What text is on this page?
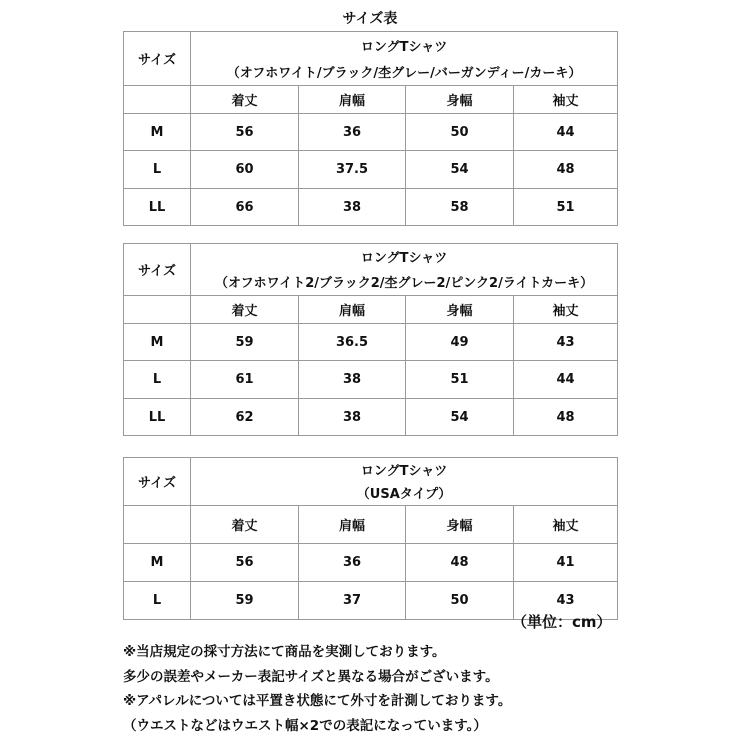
サイズ表
サイズ	ロングTシャツ			
	（オフホワイト/ブラック/杢グレー/バーガンディー/カーキ）			
	着丈	肩幅	身幅	袖丈
M	56	36	50	44
L	60	37.5	54	48
LL	66	38	58	51
サイズ	ロングTシャツ			
	（オフホワイト2/ブラック2/杢グレー2/ピンク2/ライトカーキ）			
	着丈	肩幅	身幅	袖丈
M	59	36.5	49	43
L	61	38	51	44
LL	62	38	54	48
サイズ	ロングTシャツ			
	（USAタイプ）			
	着丈	肩幅	身幅	袖丈
M	56	36	48	41
L	59	37	50	43
（単位：cm）
※当店規定の採寸方法にて商品を実測しております。
多少の誤差やメーカー表記サイズと異なる場合がございます。
※アパレルについては平置き状態にて外寸を計測しております。
（ウエストなどはウエスト幅×2での表記になっています。）
